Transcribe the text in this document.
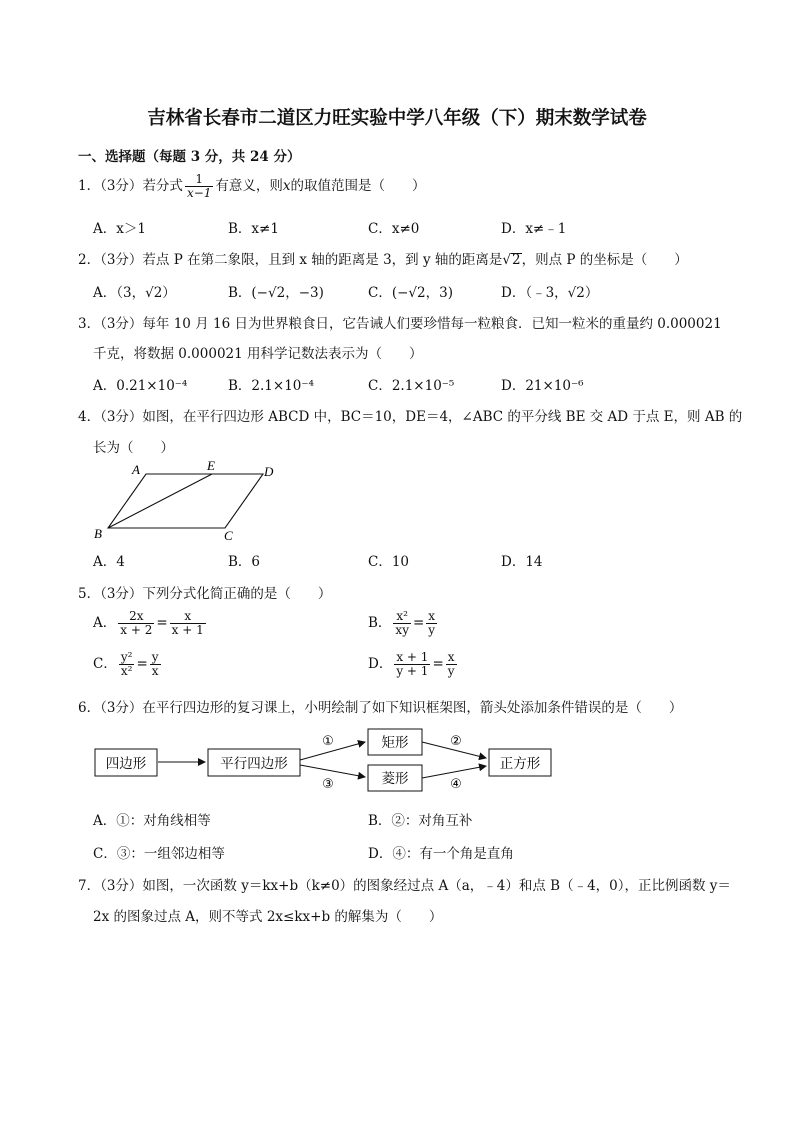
吉林省长春市二道区力旺实验中学八年级（下）期末数学试卷
一、选择题（每题 3 分，共 24 分）
1．（3分）若分式 $\frac{1}{x-1}$ 有意义，则x的取值范围是（　　）
A．x＞1	B．x≠1	C．x≠0	D．x≠﹣1
2．（3分）若点 P 在第二象限，且到 x 轴的距离是 3，到 y 轴的距离是√2，则点 P 的坐标是（　　）
A．（3，√2）	B．(−√2，−3)	C．(−√2，3)	D．（﹣3，√2）
3．（3分）每年 10 月 16 日为世界粮食日，它告诫人们要珍惜每一粒粮食．已知一粒米的重量约 0.000021
千克，将数据 0.000021 用科学记数法表示为（　　）
A．0.21×10⁻⁴	B．2.1×10⁻⁴	C．2.1×10⁻⁵	D．21×10⁻⁶
4．（3分）如图，在平行四边形 ABCD 中，BC＝10，DE＝4，∠ABC 的平分线 BE 交 AD 于点 E，则 AB 的
长为（　　）
A	E	D
B	C
A．4	B．6	C．10	D．14
5．（3分）下列分式化简正确的是（　　）
A． $\frac{2x}{x + 2} = \frac{x}{x + 1}$	B． $\frac{\text{x²}}{xy} = \frac{x}{y}$
C． $\frac{\text{y²}}{\text{x²}} = \frac{y}{x}$	D． $\frac{x + 1}{y + 1} = \frac{x}{y}$
6．（3分）在平行四边形的复习课上，小明绘制了如下知识框架图，箭头处添加条件错误的是（　　）
四边形	平行四边形
①
③
矩形
菱形
②
④
正方形
A．①：对角线相等	B．②：对角互补
C．③：一组邻边相等	D．④：有一个角是直角
7．（3分）如图，一次函数 y＝kx+b（k≠0）的图象经过点 A（a，﹣4）和点 B（﹣4，0），正比例函数 y＝
2x 的图象过点 A，则不等式 2x≤kx+b 的解集为（　　）
